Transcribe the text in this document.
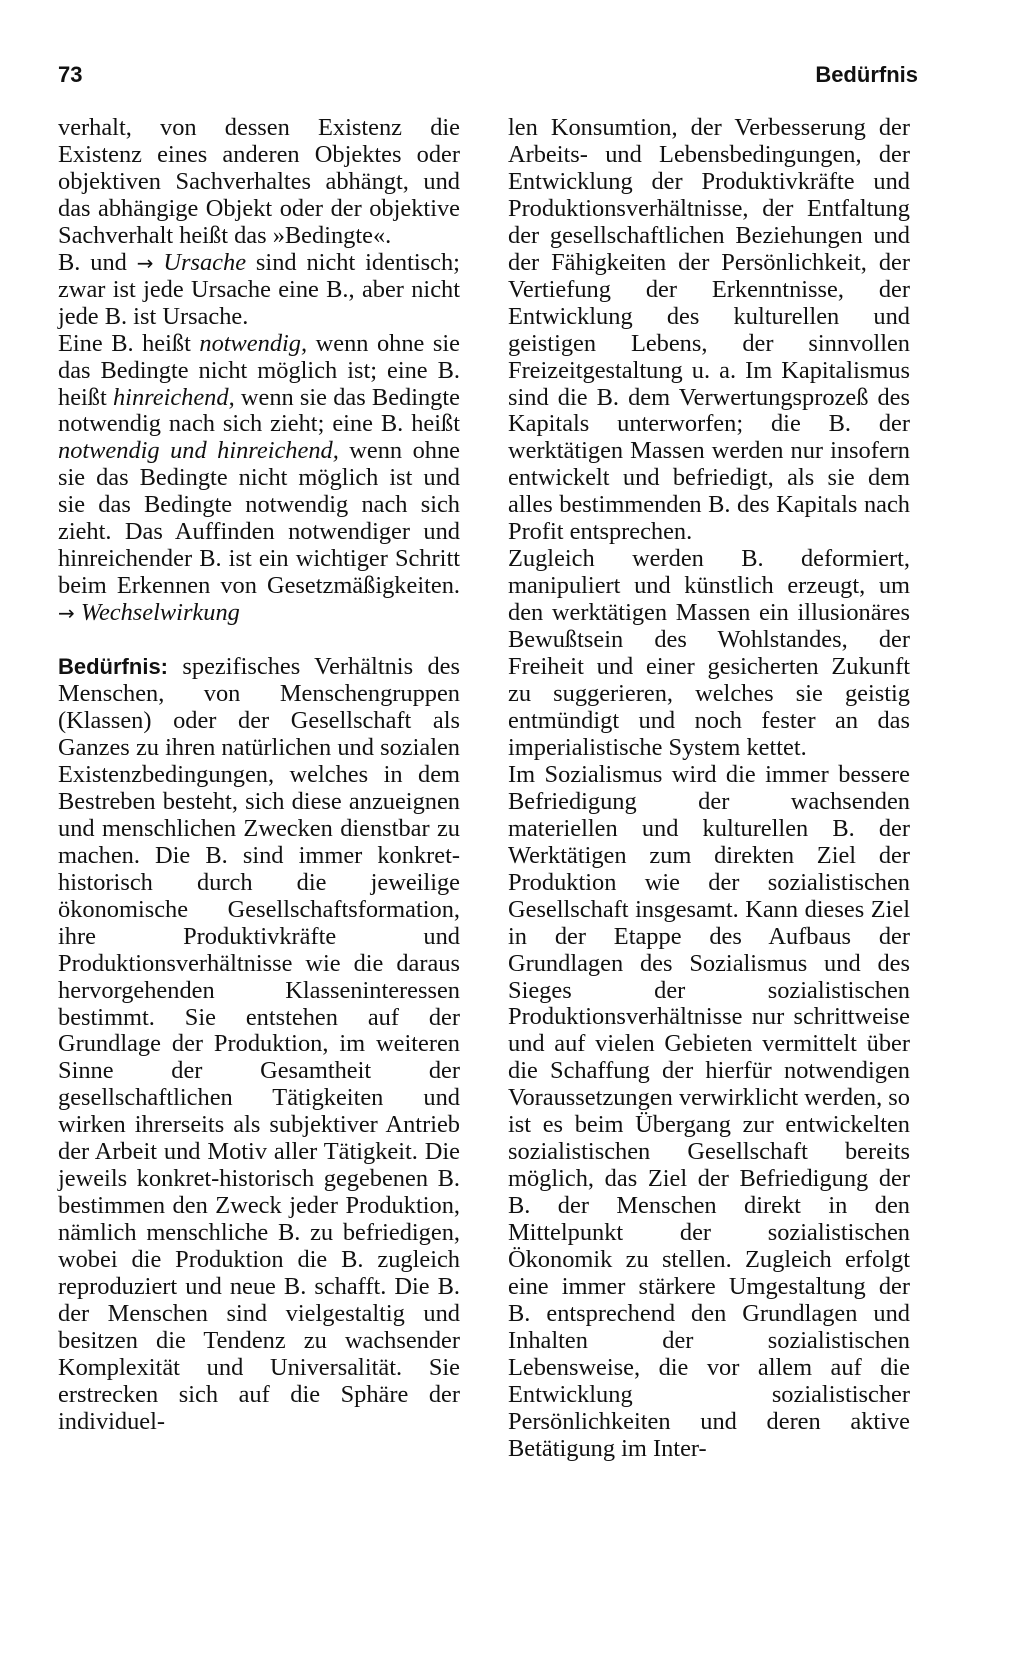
73	Bedürfnis

verhalt, von dessen Existenz die Existenz eines anderen Objektes oder objektiven Sachverhaltes abhängt, und das abhängige Objekt oder der objektive Sachverhalt heißt das »Bedingte«.

B. und → Ursache sind nicht identisch; zwar ist jede Ursache eine B., aber nicht jede B. ist Ursache.

Eine B. heißt notwendig, wenn ohne sie das Bedingte nicht möglich ist; eine B. heißt hinreichend, wenn sie das Bedingte notwendig nach sich zieht; eine B. heißt notwendig und hinreichend, wenn ohne sie das Bedingte nicht möglich ist und sie das Bedingte notwendig nach sich zieht. Das Auffinden notwendiger und hinreichender B. ist ein wichtiger Schritt beim Erkennen von Gesetzmäßigkeiten. → Wechselwirkung

Bedürfnis: spezifisches Verhältnis des Menschen, von Menschengruppen (Klassen) oder der Gesellschaft als Ganzes zu ihren natürlichen und sozialen Existenzbedingungen, welches in dem Bestreben besteht, sich diese anzueignen und menschlichen Zwecken dienstbar zu machen. Die B. sind immer konkret-historisch durch die jeweilige ökonomische Gesellschaftsformation, ihre Produktivkräfte und Produktionsverhältnisse wie die daraus hervorgehenden Klasseninteressen bestimmt. Sie entstehen auf der Grundlage der Produktion, im weiteren Sinne der Gesamtheit der gesellschaftlichen Tätigkeiten und wirken ihrerseits als subjektiver Antrieb der Arbeit und Motiv aller Tätigkeit. Die jeweils konkret-historisch gegebenen B. bestimmen den Zweck jeder Produktion, nämlich menschliche B. zu befriedigen, wobei die Produktion die B. zugleich reproduziert und neue B. schafft. Die B. der Menschen sind vielgestaltig und besitzen die Tendenz zu wachsender Komplexität und Universalität. Sie erstrecken sich auf die Sphäre der individuel-

len Konsumtion, der Verbesserung der Arbeits- und Lebensbedingungen, der Entwicklung der Produktivkräfte und Produktionsverhältnisse, der Entfaltung der gesellschaftlichen Beziehungen und der Fähigkeiten der Persönlichkeit, der Vertiefung der Erkenntnisse, der Entwicklung des kulturellen und geistigen Lebens, der sinnvollen Freizeitgestaltung u. a. Im Kapitalismus sind die B. dem Verwertungsprozeß des Kapitals unterworfen; die B. der werktätigen Massen werden nur insofern entwickelt und befriedigt, als sie dem alles bestimmenden B. des Kapitals nach Profit entsprechen.

Zugleich werden B. deformiert, manipuliert und künstlich erzeugt, um den werktätigen Massen ein illusionäres Bewußtsein des Wohlstandes, der Freiheit und einer gesicherten Zukunft zu suggerieren, welches sie geistig entmündigt und noch fester an das imperialistische System kettet.

Im Sozialismus wird die immer bessere Befriedigung der wachsenden materiellen und kulturellen B. der Werktätigen zum direkten Ziel der Produktion wie der sozialistischen Gesellschaft insgesamt. Kann dieses Ziel in der Etappe des Aufbaus der Grundlagen des Sozialismus und des Sieges der sozialistischen Produktionsverhältnisse nur schrittweise und auf vielen Gebieten vermittelt über die Schaffung der hierfür notwendigen Voraussetzungen verwirklicht werden, so ist es beim Übergang zur entwickelten sozialistischen Gesellschaft bereits möglich, das Ziel der Befriedigung der B. der Menschen direkt in den Mittelpunkt der sozialistischen Ökonomik zu stellen. Zugleich erfolgt eine immer stärkere Umgestaltung der B. entsprechend den Grundlagen und Inhalten der sozialistischen Lebensweise, die vor allem auf die Entwicklung sozialistischer Persönlichkeiten und deren aktive Betätigung im Inter-
